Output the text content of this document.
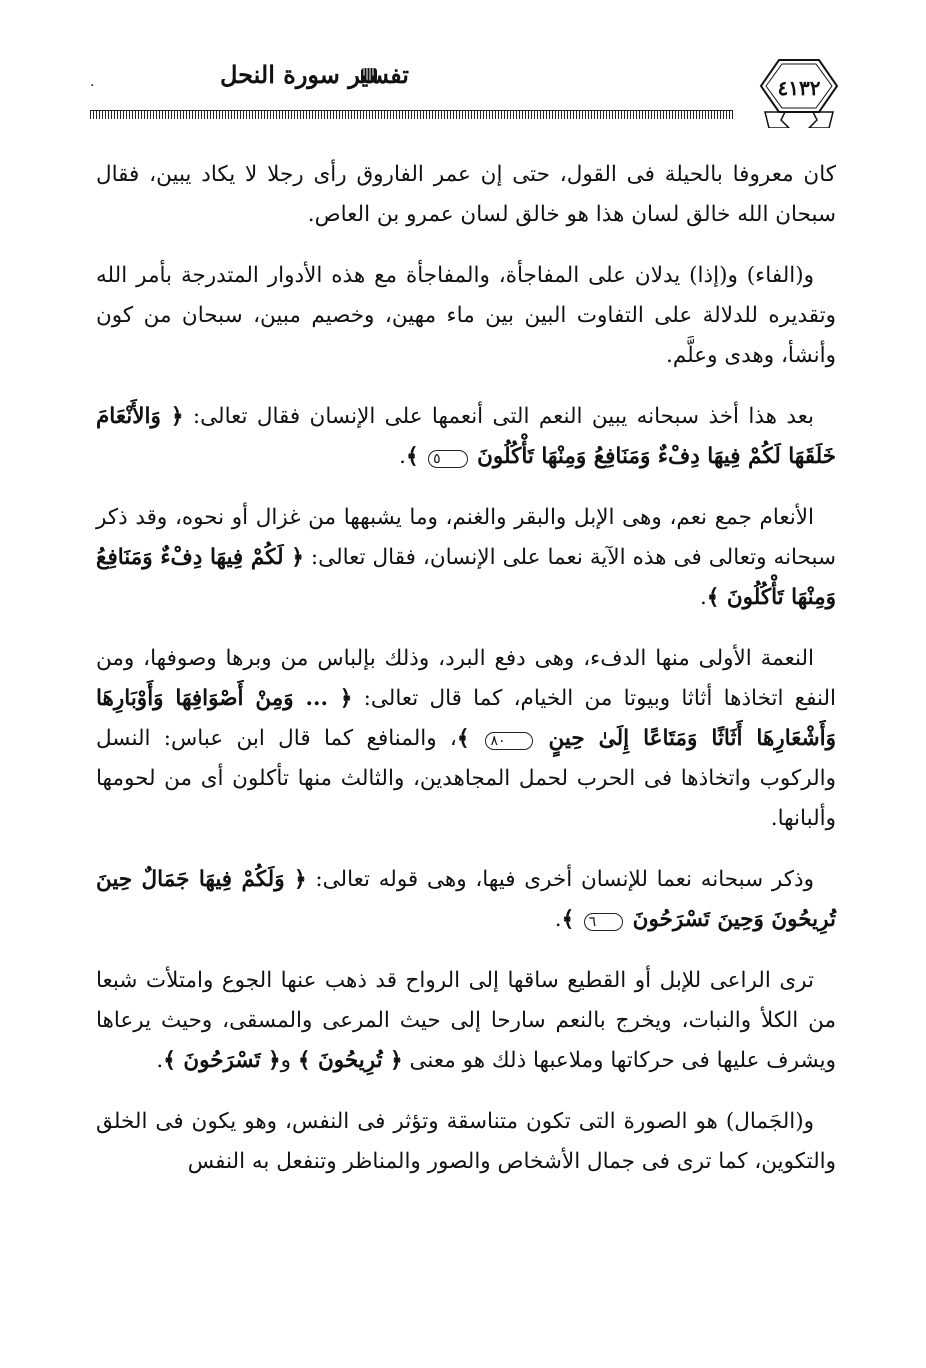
.	تفسير سورة النحل	٤١٣٢

كان معروفا بالحيلة فى القول، حتى إن عمر الفاروق رأى رجلا لا يكاد يبين، فقال سبحان الله خالق لسان هذا هو خالق لسان عمرو بن العاص.

و(الفاء) و(إذا) يدلان على المفاجأة، والمفاجأة مع هذه الأدوار المتدرجة بأمر الله وتقديره للدلالة على التفاوت البين بين ماء مهين، وخصيم مبين، سبحان من كون وأنشأ، وهدى وعلَّم.

بعد هذا أخذ سبحانه يبين النعم التى أنعمها على الإنسان فقال تعالى: ﴿ وَالأَنْعَامَ خَلَقَهَا لَكُمْ فِيهَا دِفْءٌ وَمَنَافِعُ وَمِنْهَا تَأْكُلُونَ ٥ ﴾.

الأنعام جمع نعم، وهى الإبل والبقر والغنم، وما يشبهها من غزال أو نحوه، وقد ذكر سبحانه وتعالى فى هذه الآية نعما على الإنسان، فقال تعالى: ﴿ لَكُمْ فِيهَا دِفْءٌ وَمَنَافِعُ وَمِنْهَا تَأْكُلُونَ ﴾.

النعمة الأولى منها الدفء، وهى دفع البرد، وذلك بإلباس من وبرها وصوفها، ومن النفع اتخاذها أثاثا وبيوتا من الخيام، كما قال تعالى: ﴿ ... وَمِنْ أَصْوَافِهَا وَأَوْبَارِهَا وَأَشْعَارِهَا أَثَاثًا وَمَتَاعًا إِلَىٰ حِينٍ ٨٠ ﴾، والمنافع كما قال ابن عباس: النسل والركوب واتخاذها فى الحرب لحمل المجاهدين، والثالث منها تأكلون أى من لحومها وألبانها.

وذكر سبحانه نعما للإنسان أخرى فيها، وهى قوله تعالى: ﴿ وَلَكُمْ فِيهَا جَمَالٌ حِينَ تُرِيحُونَ وَحِينَ تَسْرَحُونَ ٦ ﴾.

ترى الراعى للإبل أو القطيع ساقها إلى الرواح قد ذهب عنها الجوع وامتلأت شبعا من الكلأ والنبات، ويخرج بالنعم سارحا إلى حيث المرعى والمسقى، وحيث يرعاها ويشرف عليها فى حركاتها وملاعبها ذلك هو معنى ﴿ تُرِيحُونَ ﴾ و﴿ تَسْرَحُونَ ﴾.

و(الجَمال) هو الصورة التى تكون متناسقة وتؤثر فى النفس، وهو يكون فى الخلق والتكوين، كما ترى فى جمال الأشخاص والصور والمناظر وتنفعل به النفس
